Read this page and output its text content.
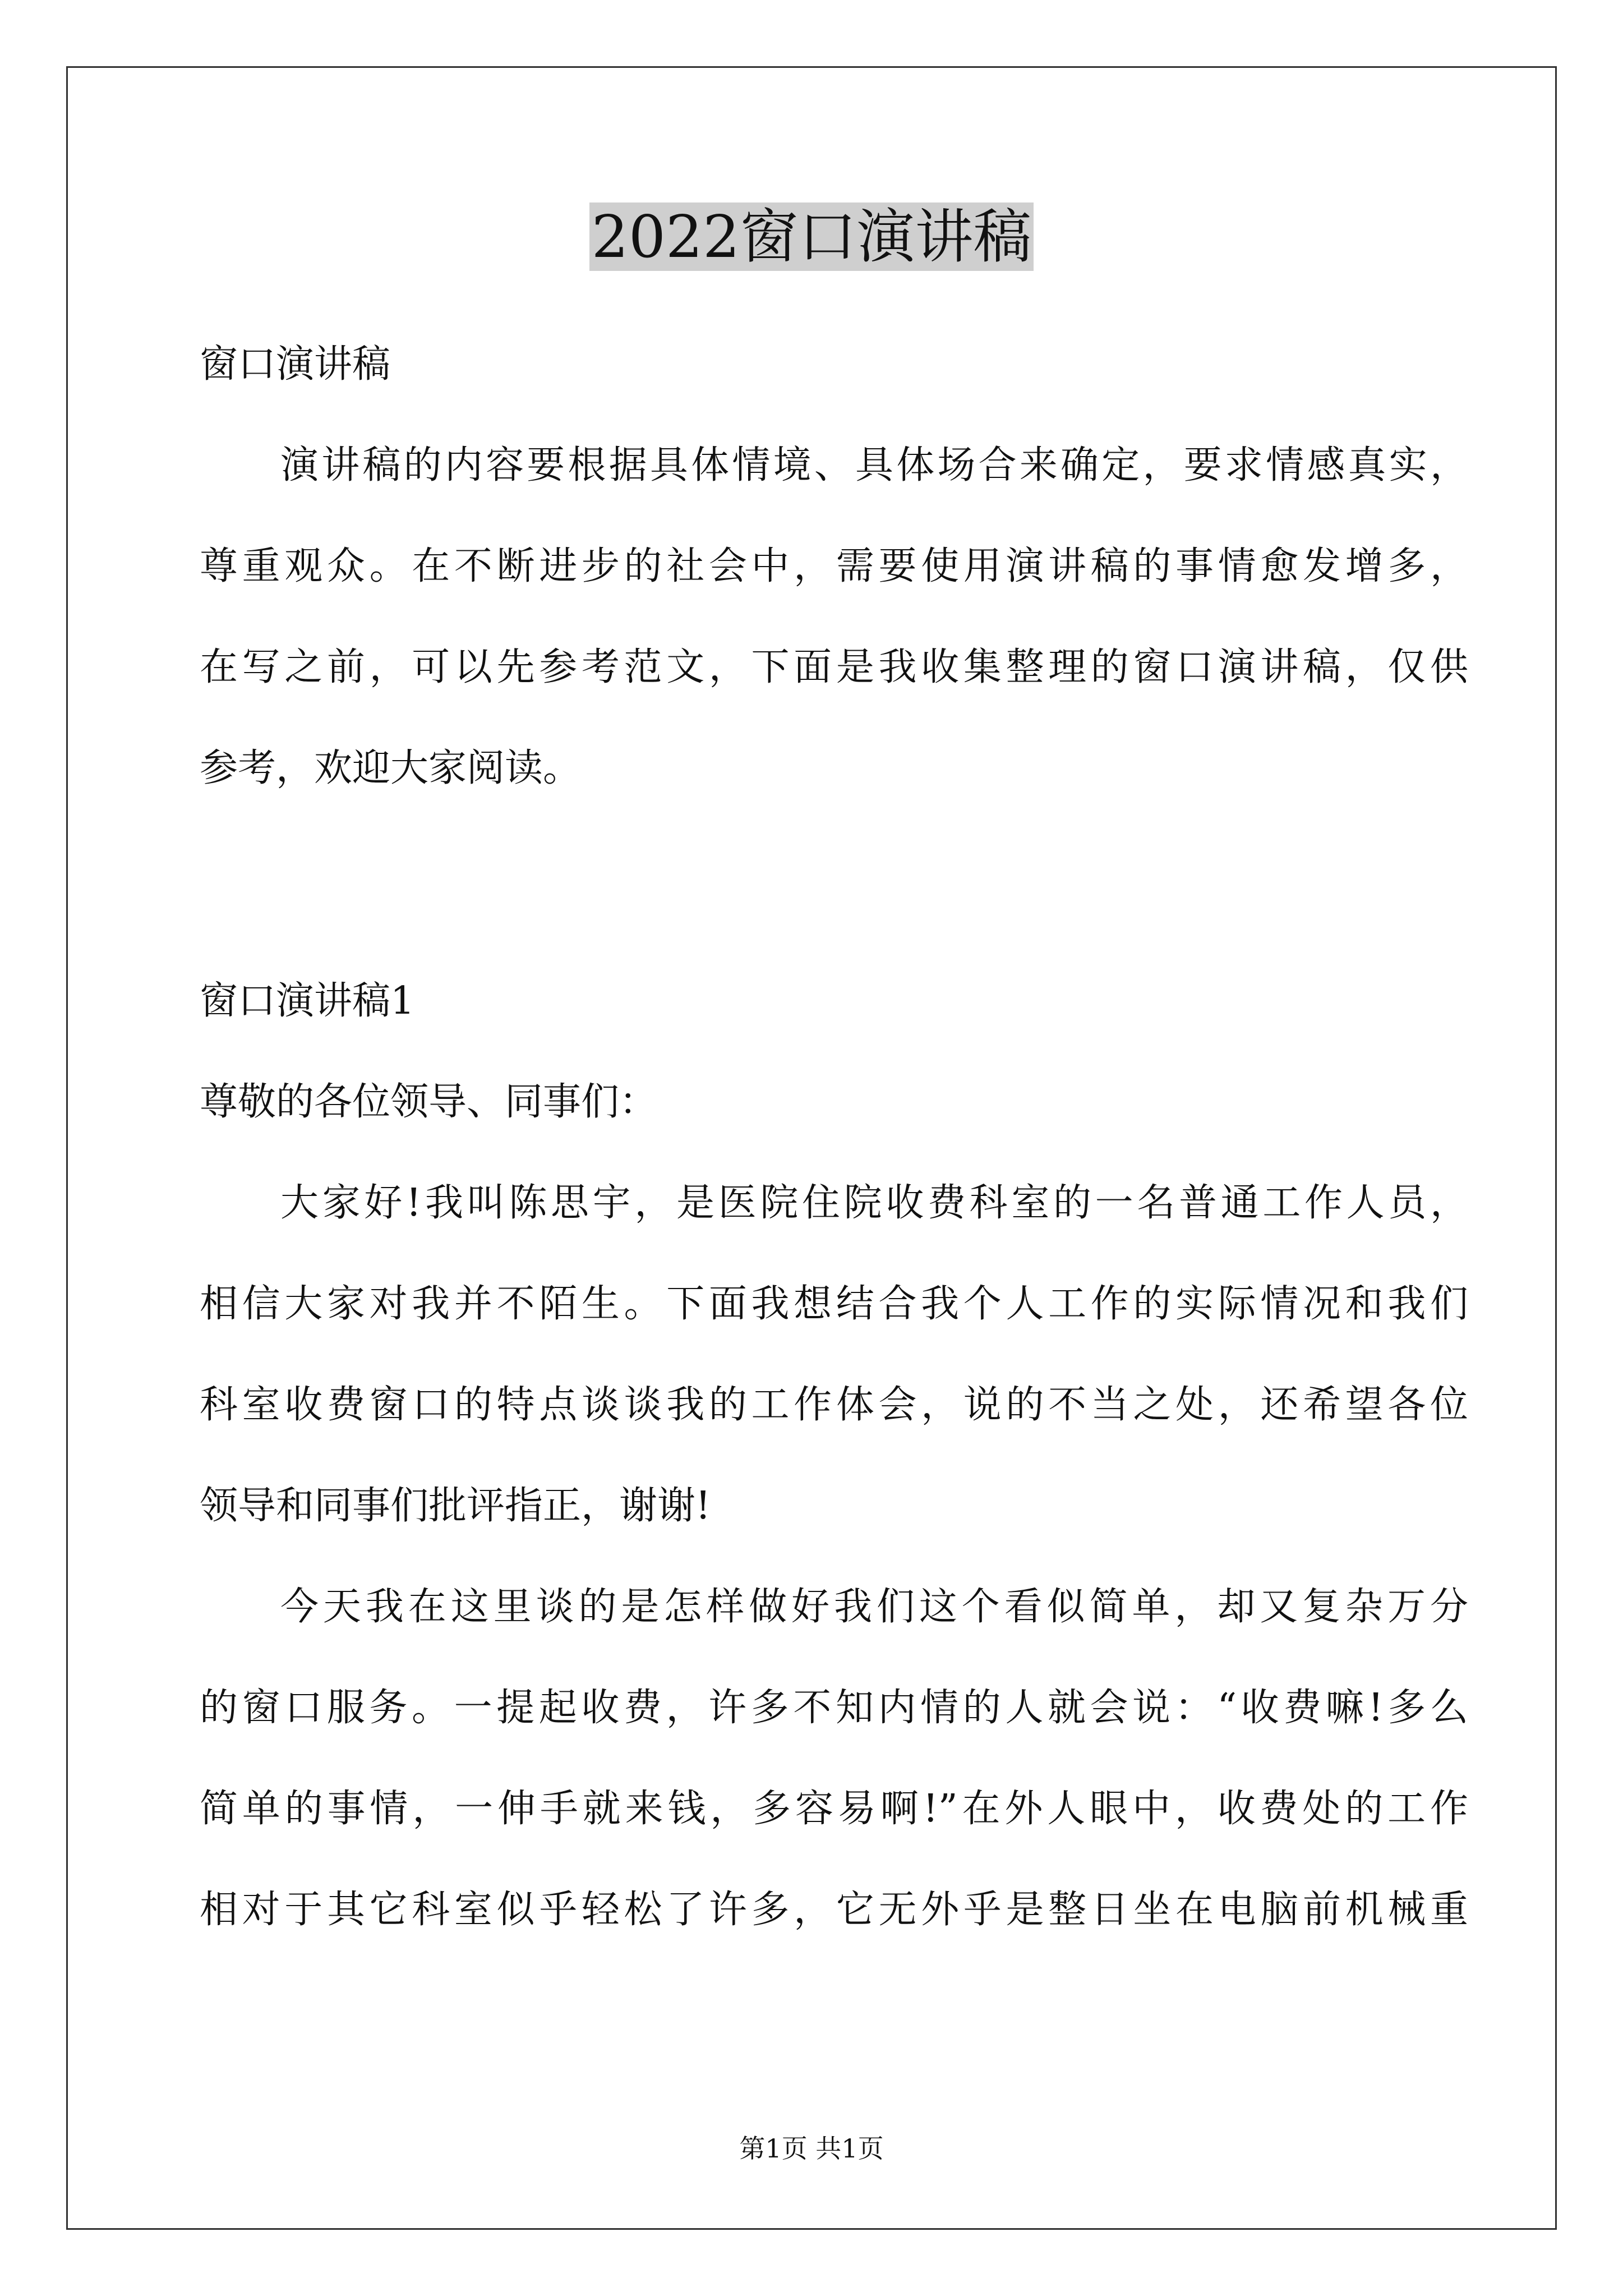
2022窗口演讲稿
窗口演讲稿
演讲稿的内容要根据具体情境、具体场合来确定，要求情感真实，
尊重观众。在不断进步的社会中，需要使用演讲稿的事情愈发增多，
在写之前，可以先参考范文，下面是我收集整理的窗口演讲稿，仅供
参考，欢迎大家阅读。
窗口演讲稿1
尊敬的各位领导、同事们：
大家好!我叫陈思宇，是医院住院收费科室的一名普通工作人员，
相信大家对我并不陌生。下面我想结合我个人工作的实际情况和我们
科室收费窗口的特点谈谈我的工作体会，说的不当之处，还希望各位
领导和同事们批评指正，谢谢!
今天我在这里谈的是怎样做好我们这个看似简单，却又复杂万分
的窗口服务。一提起收费，许多不知内情的人就会说：“收费嘛!多么
简单的事情，一伸手就来钱，多容易啊!”在外人眼中，收费处的工作
相对于其它科室似乎轻松了许多，它无外乎是整日坐在电脑前机械重
第1页 共1页
